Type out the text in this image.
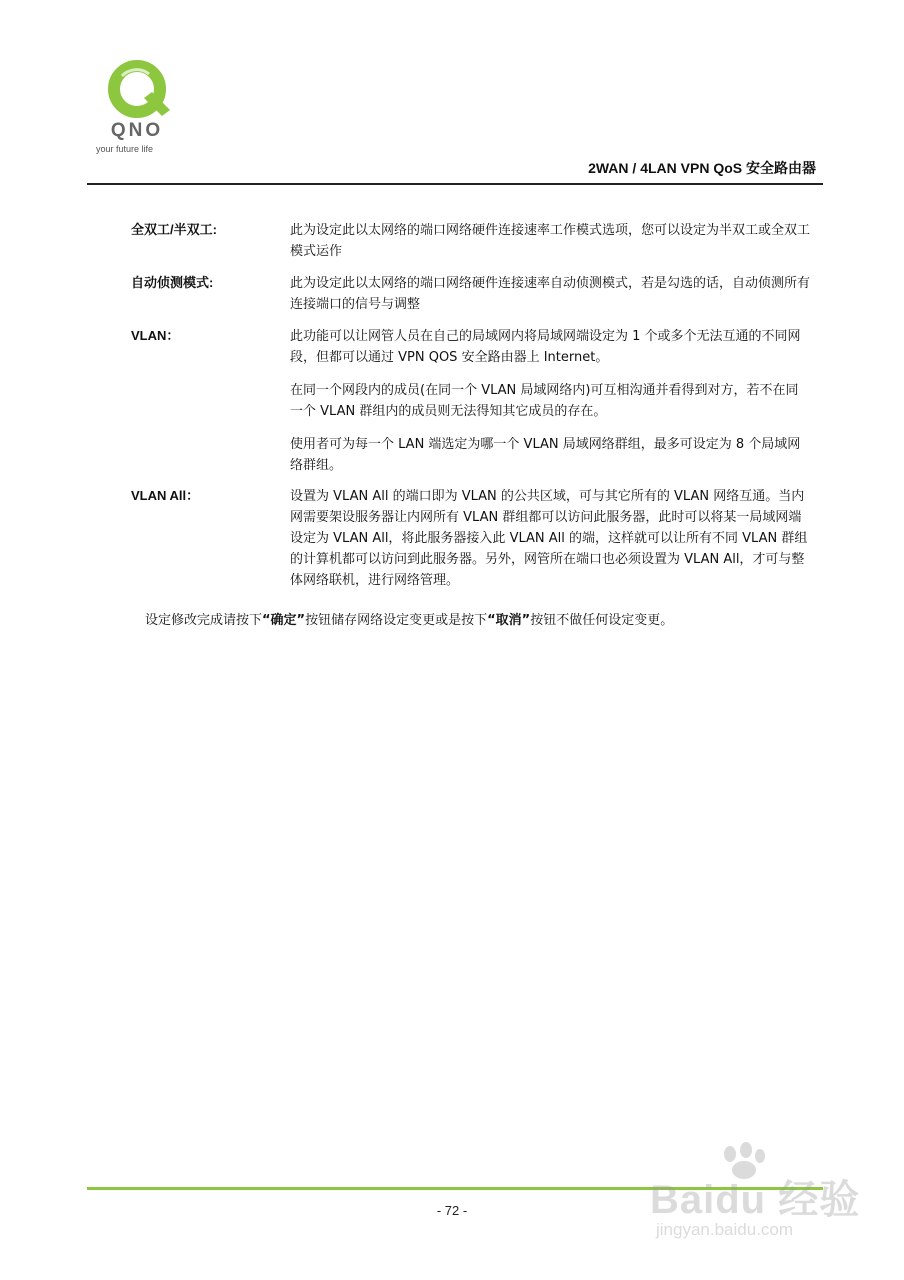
QNO
your future life
2WAN / 4LAN VPN QoS 安全路由器
全双工/半双工:	此为设定此以太网络的端口网络硬件连接速率工作模式选项，您可以设定为半双工或全双工模式运作

自动侦测模式:	此为设定此以太网络的端口网络硬件连接速率自动侦测模式，若是勾选的话，自动侦测所有连接端口的信号与调整

VLAN：	此功能可以让网管人员在自己的局域网内将局域网端设定为 1 个或多个无法互通的不同网段，但都可以通过 VPN QOS 安全路由器上 Internet。

在同一个网段内的成员(在同一个 VLAN 局域网络内)可互相沟通并看得到对方，若不在同一个 VLAN 群组内的成员则无法得知其它成员的存在。

使用者可为每一个 LAN 端选定为哪一个 VLAN 局域网络群组，最多可设定为 8 个局域网络群组。

VLAN All：	设置为 VLAN All 的端口即为 VLAN 的公共区域，可与其它所有的 VLAN 网络互通。当内网需要架设服务器让内网所有 VLAN 群组都可以访问此服务器，此时可以将某一局域网端设定为 VLAN All，将此服务器接入此 VLAN All 的端，这样就可以让所有不同 VLAN 群组的计算机都可以访问到此服务器。另外，网管所在端口也必须设置为 VLAN All，才可与整体网络联机，进行网络管理。

设定修改完成请按下“确定”按钮储存网络设定变更或是按下“取消”按钮不做任何设定变更。
- 72 -	Baidu 经验
jingyan.baidu.com
